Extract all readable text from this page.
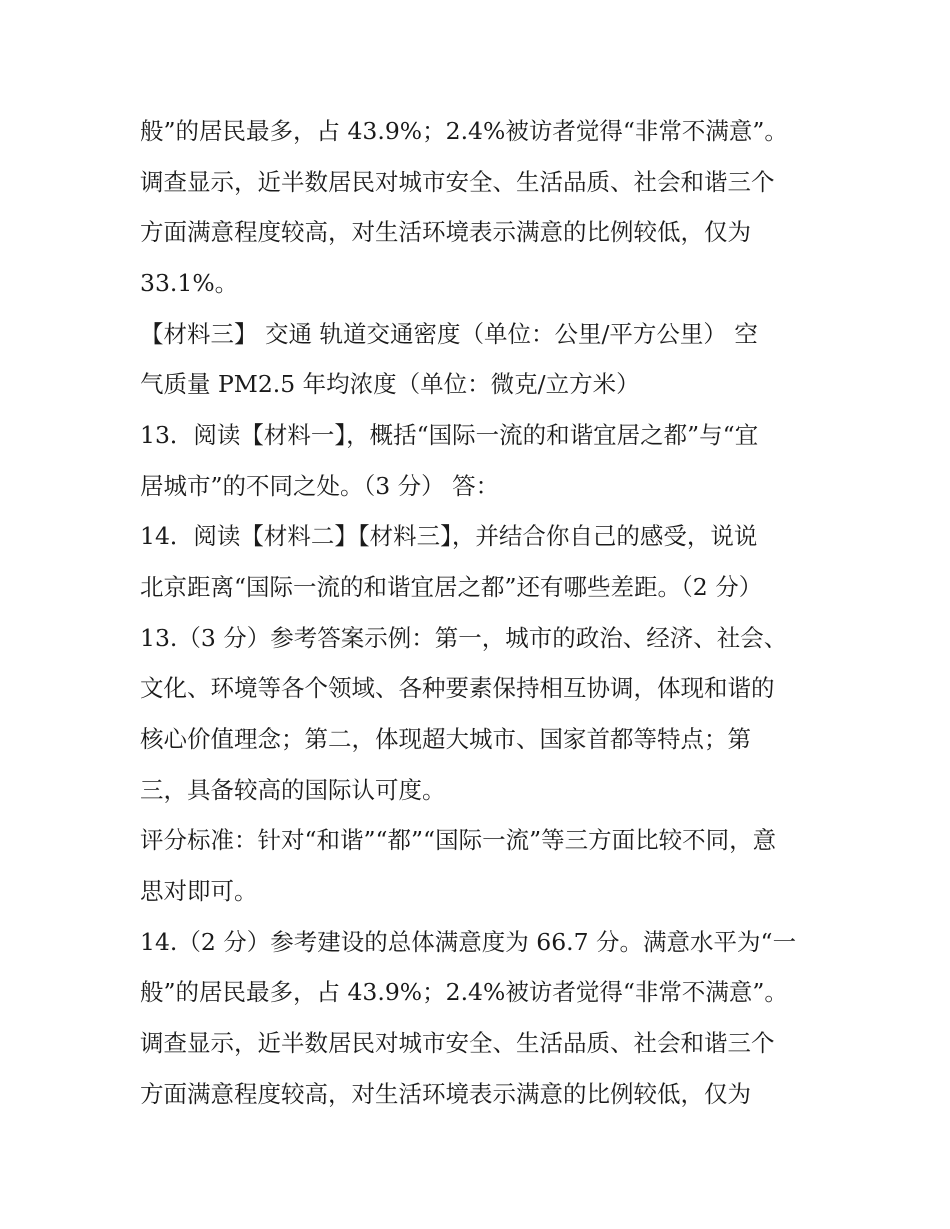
般”的居民最多，占 43.9%；2.4%被访者觉得“非常不满意”。
调查显示，近半数居民对城市安全、生活品质、社会和谐三个
方面满意程度较高，对生活环境表示满意的比例较低，仅为
33.1%。
【材料三】 交通 轨道交通密度（单位：公里/平方公里） 空
气质量 PM2.5 年均浓度（单位：微克/立方米）
13．阅读【材料一】，概括“国际一流的和谐宜居之都”与“宜
居城市”的不同之处。（3 分） 答：
14．阅读【材料二】【材料三】，并结合你自己的感受，说说
北京距离“国际一流的和谐宜居之都”还有哪些差距。（2 分）
13.（3 分）参考答案示例：第一，城市的政治、经济、社会、
文化、环境等各个领域、各种要素保持相互协调，体现和谐的
核心价值理念；第二，体现超大城市、国家首都等特点；第
三，具备较高的国际认可度。
评分标准：针对“和谐”“都”“国际一流”等三方面比较不同，意
思对即可。
14.（2 分）参考建设的总体满意度为 66.7 分。满意水平为“一
般”的居民最多，占 43.9%；2.4%被访者觉得“非常不满意”。
调查显示，近半数居民对城市安全、生活品质、社会和谐三个
方面满意程度较高，对生活环境表示满意的比例较低，仅为
